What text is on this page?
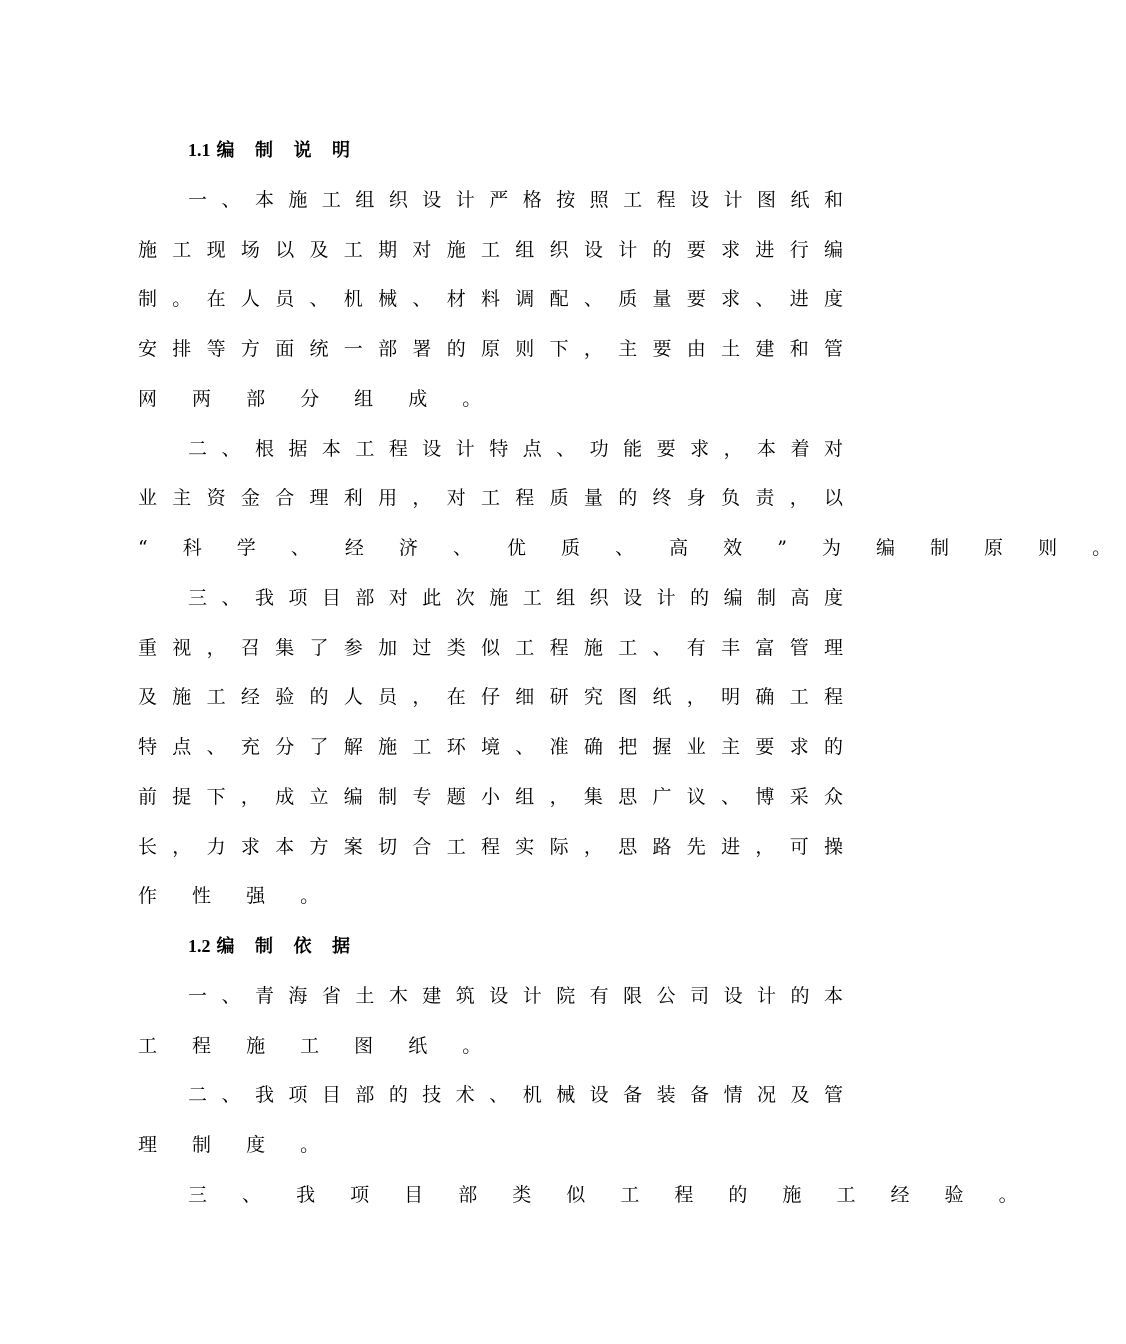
1.1 编 制 说 明
一 、 本 施 工 组 织 设 计 严 格 按 照 工 程 设 计 图 纸 和
施 工 现 场 以 及 工 期 对 施 工 组 织 设 计 的 要 求 进 行 编
制 。 在 人 员 、 机 械 、 材 料 调 配 、 质 量 要 求 、 进 度
安 排 等 方 面 统 一 部 署 的 原 则 下 ， 主 要 由 土 建 和 管
网 两 部 分 组 成 。
二 、 根 据 本 工 程 设 计 特 点 、 功 能 要 求 ， 本 着 对
业 主 资 金 合 理 利 用 ， 对 工 程 质 量 的 终 身 负 责 ， 以
“ 科 学 、 经 济 、 优 质 、 高 效 ” 为 编 制 原 则 。
三 、 我 项 目 部 对 此 次 施 工 组 织 设 计 的 编 制 高 度
重 视 ， 召 集 了 参 加 过 类 似 工 程 施 工 、 有 丰 富 管 理
及 施 工 经 验 的 人 员 ， 在 仔 细 研 究 图 纸 ， 明 确 工 程
特 点 、 充 分 了 解 施 工 环 境 、 准 确 把 握 业 主 要 求 的
前 提 下 ， 成 立 编 制 专 题 小 组 ， 集 思 广 议 、 博 采 众
长 ， 力 求 本 方 案 切 合 工 程 实 际 ， 思 路 先 进 ， 可 操
作 性 强 。
1.2 编 制 依 据
一 、 青 海 省 土 木 建 筑 设 计 院 有 限 公 司 设 计 的 本
工 程 施 工 图 纸 。
二 、 我 项 目 部 的 技 术 、 机 械 设 备 装 备 情 况 及 管
理 制 度 。
三 、 我 项 目 部 类 似 工 程 的 施 工 经 验 。
